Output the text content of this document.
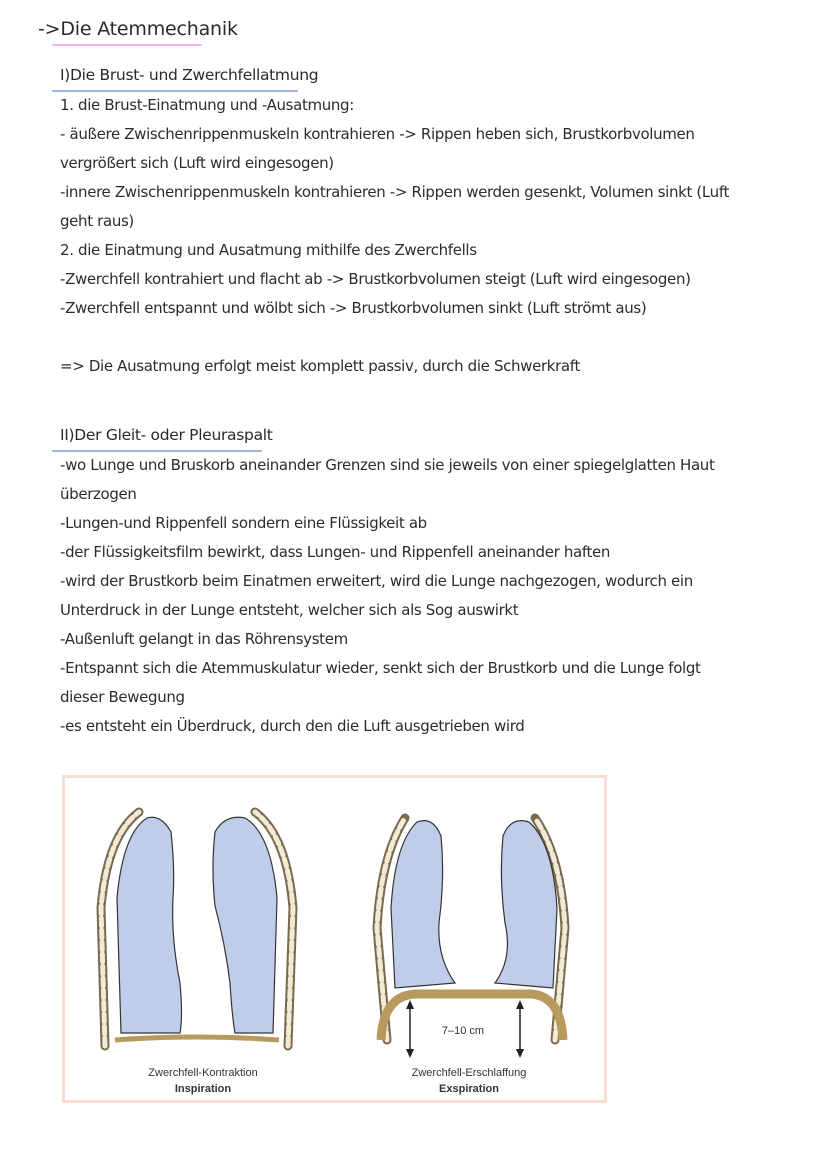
->Die Atemmechanik
I)Die Brust- und Zwerchfellatmung
1. die Brust-Einatmung und -Ausatmung:
- äußere Zwischenrippenmuskeln kontrahieren -> Rippen heben sich, Brustkorbvolumen
vergrößert sich (Luft wird eingesogen)
-innere Zwischenrippenmuskeln kontrahieren -> Rippen werden gesenkt, Volumen sinkt (Luft
geht raus)
2. die Einatmung und Ausatmung mithilfe des Zwerchfells
-Zwerchfell kontrahiert und flacht ab -> Brustkorbvolumen steigt (Luft wird eingesogen)
-Zwerchfell entspannt und wölbt sich -> Brustkorbvolumen sinkt (Luft strömt aus)
=> Die Ausatmung erfolgt meist komplett passiv, durch die Schwerkraft
II)Der Gleit- oder Pleuraspalt
-wo Lunge und Bruskorb aneinander Grenzen sind sie jeweils von einer spiegelglatten Haut
überzogen
-Lungen-und Rippenfell sondern eine Flüssigkeit ab
-der Flüssigkeitsfilm bewirkt, dass Lungen- und Rippenfell aneinander haften
-wird der Brustkorb beim Einatmen erweitert, wird die Lunge nachgezogen, wodurch ein
Unterdruck in der Lunge entsteht, welcher sich als Sog auswirkt
-Außenluft gelangt in das Röhrensystem
-Entspannt sich die Atemmuskulatur wieder, senkt sich der Brustkorb und die Lunge folgt
dieser Bewegung
-es entsteht ein Überdruck, durch den die Luft ausgetrieben wird
7–10 cm
Zwerchfell-Kontraktion
Inspiration
Zwerchfell-Erschlaffung
Exspiration
